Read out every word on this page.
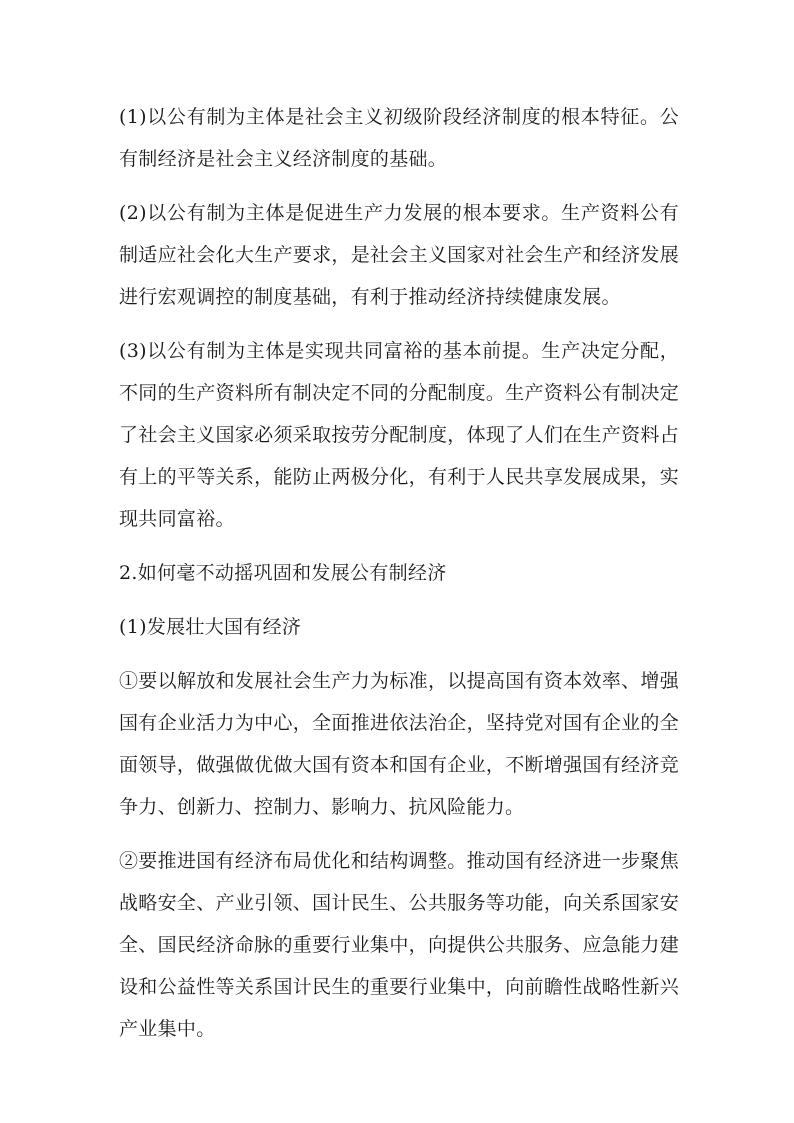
(1)以公有制为主体是社会主义初级阶段经济制度的根本特征。公有制经济是社会主义经济制度的基础。

(2)以公有制为主体是促进生产力发展的根本要求。生产资料公有制适应社会化大生产要求，是社会主义国家对社会生产和经济发展进行宏观调控的制度基础，有利于推动经济持续健康发展。

(3)以公有制为主体是实现共同富裕的基本前提。生产决定分配，不同的生产资料所有制决定不同的分配制度。生产资料公有制决定了社会主义国家必须采取按劳分配制度，体现了人们在生产资料占有上的平等关系，能防止两极分化，有利于人民共享发展成果，实现共同富裕。

2.如何毫不动摇巩固和发展公有制经济

(1)发展壮大国有经济

①要以解放和发展社会生产力为标准，以提高国有资本效率、增强国有企业活力为中心，全面推进依法治企，坚持党对国有企业的全面领导，做强做优做大国有资本和国有企业，不断增强国有经济竞争力、创新力、控制力、影响力、抗风险能力。

②要推进国有经济布局优化和结构调整。推动国有经济进一步聚焦战略安全、产业引领、国计民生、公共服务等功能，向关系国家安全、国民经济命脉的重要行业集中，向提供公共服务、应急能力建设和公益性等关系国计民生的重要行业集中，向前瞻性战略性新兴产业集中。
